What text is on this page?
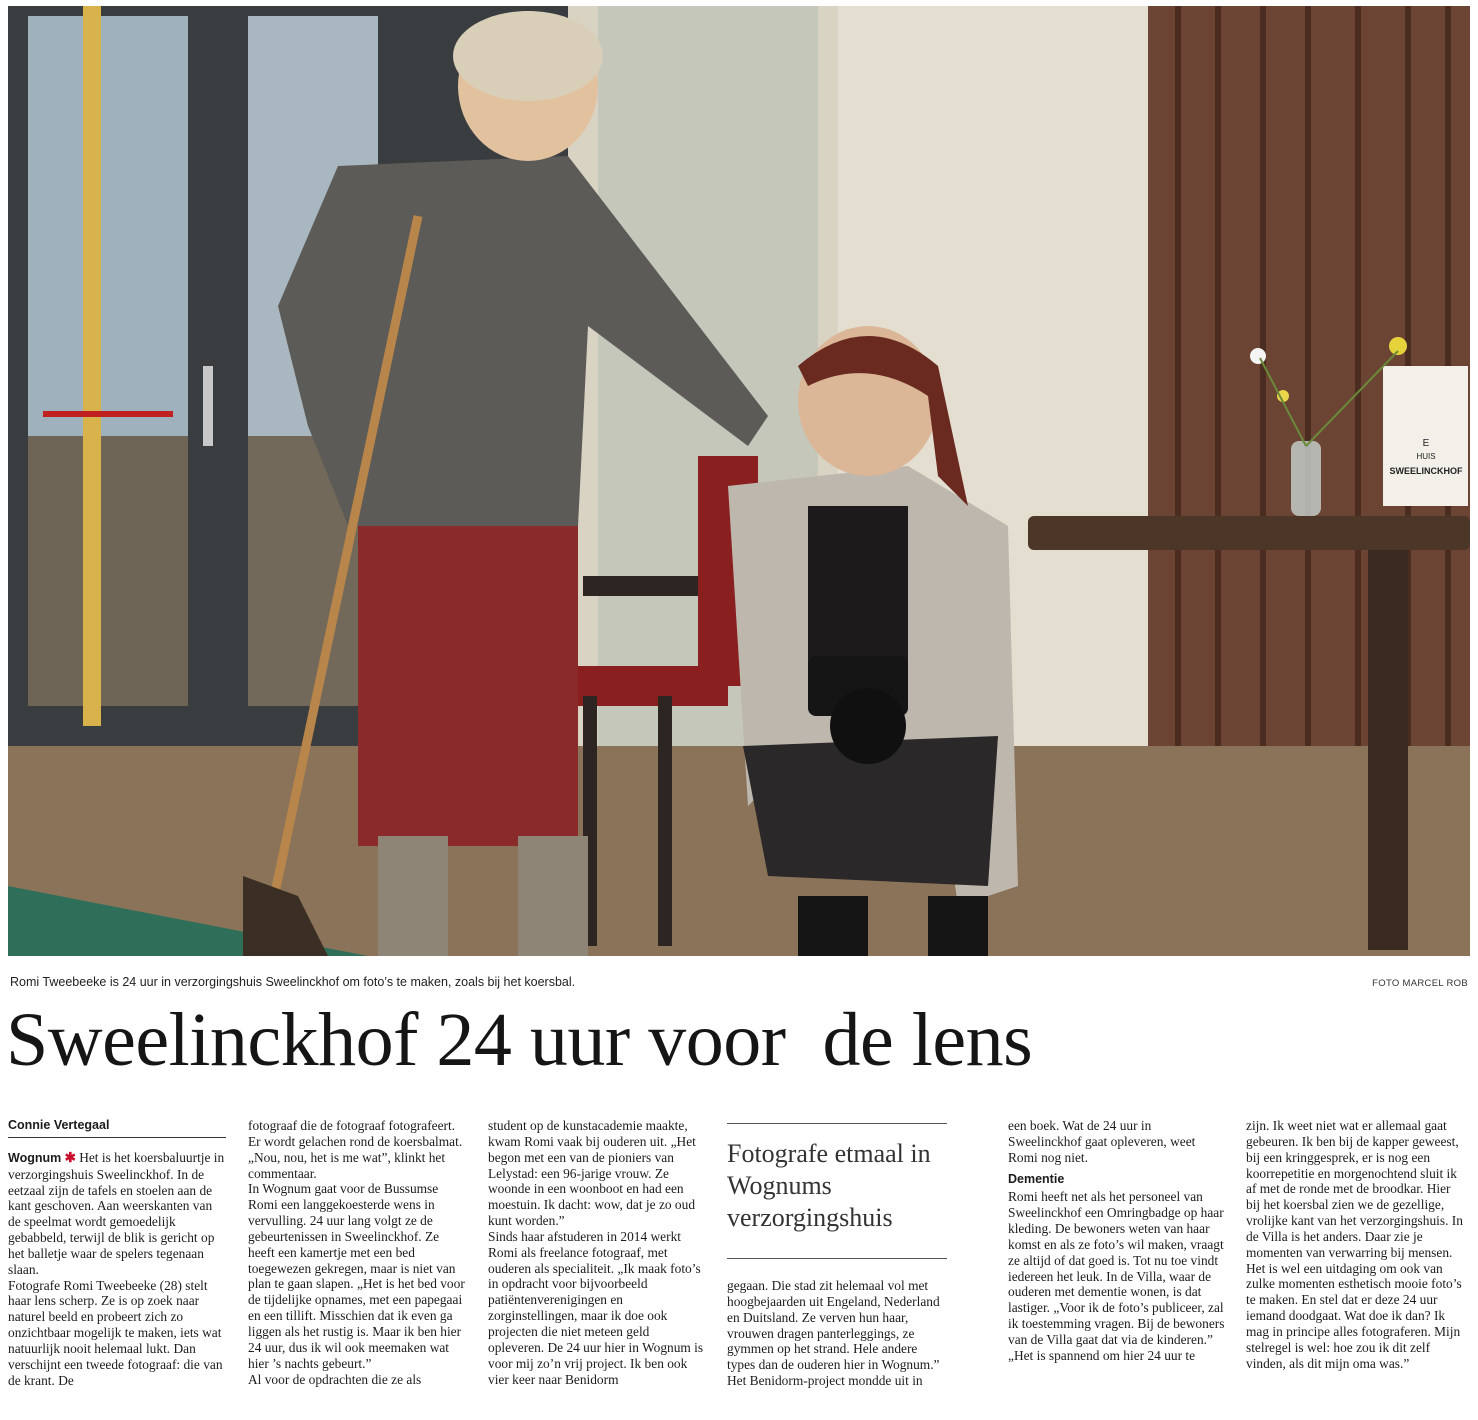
E
HUIS
SWEELINCKHOF
Romi Tweebeeke is 24 uur in verzorgingshuis Sweelinckhof om foto’s te maken, zoals bij het koersbal.	FOTO MARCEL ROB
Sweelinckhof 24 uur voor  de lens
Connie Vertegaal

Wognum ✱ Het is het koersbaluurtje in verzorgingshuis Sweelinckhof. In de eetzaal zijn de tafels en stoelen aan de kant geschoven. Aan weerskanten van de speelmat wordt gemoedelijk gebabbeld, terwijl de blik is gericht op het balletje waar de spelers tegenaan slaan.

Fotografe Romi Tweebeeke (28) stelt haar lens scherp. Ze is op zoek naar naturel beeld en probeert zich zo onzichtbaar mogelijk te maken, iets wat natuurlijk nooit helemaal lukt. Dan verschijnt een tweede fotograaf: die van de krant. De

fotograaf die de fotograaf fotografeert. Er wordt gelachen rond de koersbalmat. „Nou, nou, het is me wat”, klinkt het commentaar.

In Wognum gaat voor de Bussumse Romi een langgekoesterde wens in vervulling. 24 uur lang volgt ze de gebeurtenissen in Sweelinckhof. Ze heeft een kamertje met een bed toegewezen gekregen, maar is niet van plan te gaan slapen. „Het is het bed voor de tijdelijke opnames, met een papegaai en een tillift. Misschien dat ik even ga liggen als het rustig is. Maar ik ben hier 24 uur, dus ik wil ook meemaken wat hier ’s nachts gebeurt.”

Al voor de opdrachten die ze als

student op de kunstacademie maakte, kwam Romi vaak bij ouderen uit. „Het begon met een van de pioniers van Lelystad: een 96-jarige vrouw. Ze woonde in een woonboot en had een moestuin. Ik dacht: wow, dat je zo oud kunt worden.”

Sinds haar afstuderen in 2014 werkt Romi als freelance fotograaf, met ouderen als specialiteit. „Ik maak foto’s in opdracht voor bijvoorbeeld patiëntenverenigingen en zorginstellingen, maar ik doe ook projecten die niet meteen geld opleveren. De 24 uur hier in Wognum is voor mij zo’n vrij project. Ik ben ook vier keer naar Benidorm

Fotografe etmaal in Wognums verzorgingshuis

gegaan. Die stad zit helemaal vol met hoogbejaarden uit Engeland, Nederland en Duitsland. Ze verven hun haar, vrouwen dragen panterleggings, ze gymmen op het strand. Hele andere types dan de ouderen hier in Wognum.” Het Benidorm-project mondde uit in

een boek. Wat de 24 uur in Sweelinckhof gaat opleveren, weet Romi nog niet.

Dementie

Romi heeft net als het personeel van Sweelinckhof een Omringbadge op haar kleding. De bewoners weten van haar komst en als ze foto’s wil maken, vraagt ze altijd of dat goed is. Tot nu toe vindt iedereen het leuk. In de Villa, waar de ouderen met dementie wonen, is dat lastiger. „Voor ik de foto’s publiceer, zal ik toestemming vragen. Bij de bewoners van de Villa gaat dat via de kinderen.”

„Het is spannend om hier 24 uur te

zijn. Ik weet niet wat er allemaal gaat gebeuren. Ik ben bij de kapper geweest, bij een kringgesprek, er is nog een koorrepetitie en morgenochtend sluit ik af met de ronde met de broodkar. Hier bij het koersbal zien we de gezellige, vrolijke kant van het verzorgingshuis. In de Villa is het anders. Daar zie je momenten van verwarring bij mensen. Het is wel een uitdaging om ook van zulke momenten esthetisch mooie foto’s te maken. En stel dat er deze 24 uur iemand doodgaat. Wat doe ik dan? Ik mag in principe alles fotograferen. Mijn stelregel is wel: hoe zou ik dit zelf vinden, als dit mijn oma was.”
